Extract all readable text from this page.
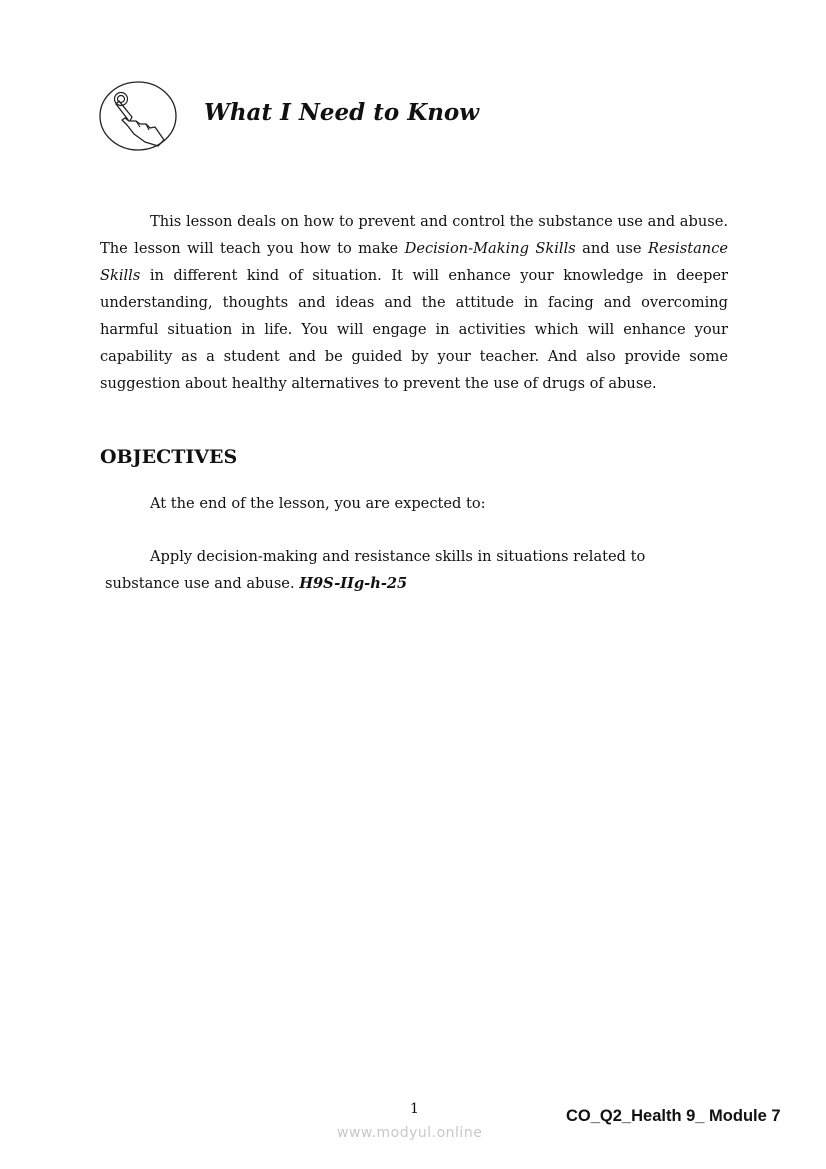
What I Need to Know

This lesson deals on how to prevent and control the substance use and abuse. The lesson will teach you how to make Decision-Making Skills and use Resistance Skills in different kind of situation. It will enhance your knowledge in deeper understanding, thoughts and ideas and the attitude in facing and overcoming harmful situation in life. You will engage in activities which will enhance your capability as a student and be guided by your teacher. And also provide some suggestion about healthy alternatives to prevent the use of drugs of abuse.

OBJECTIVES
At the end of the lesson, you are expected to:
Apply decision-making and resistance skills in situations related to
substance use and abuse. H9S-IIg-h-25
1	CO_Q2_Health 9_ Module 7
www.modyul.online
